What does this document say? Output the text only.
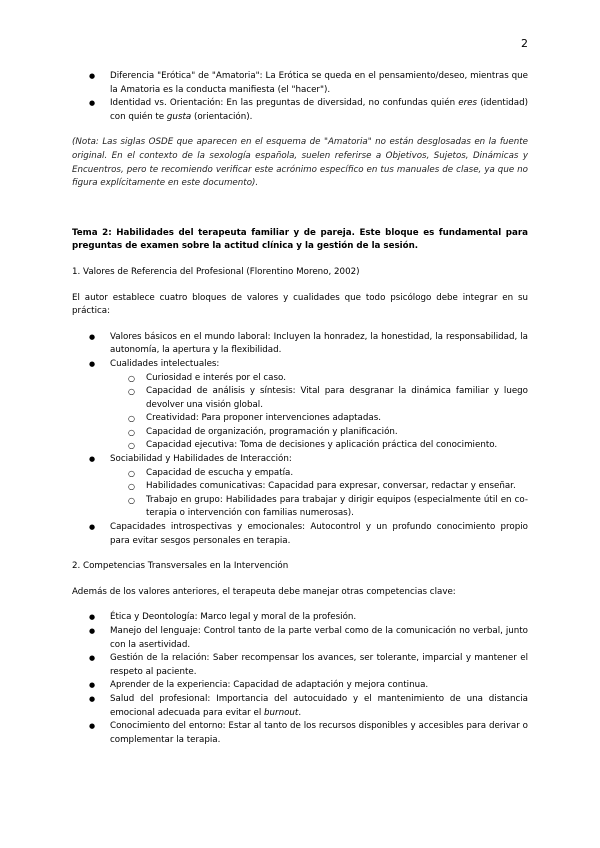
2
● Diferencia "Erótica" de "Amatoria": La Erótica se queda en el pensamiento/deseo, mientras que la Amatoria es la conducta manifiesta (el "hacer").
● Identidad vs. Orientación: En las preguntas de diversidad, no confundas quién eres (identidad) con quién te gusta (orientación).

(Nota: Las siglas OSDE que aparecen en el esquema de "Amatoria" no están desglosadas en la fuente original. En el contexto de la sexología española, suelen referirse a Objetivos, Sujetos, Dinámicas y Encuentros, pero te recomiendo verificar este acrónimo específico en tus manuales de clase, ya que no figura explícitamente en este documento).

Tema 2: Habilidades del terapeuta familiar y de pareja. Este bloque es fundamental para preguntas de examen sobre la actitud clínica y la gestión de la sesión.

1. Valores de Referencia del Profesional (Florentino Moreno, 2002)

El autor establece cuatro bloques de valores y cualidades que todo psicólogo debe integrar en su práctica:

● Valores básicos en el mundo laboral: Incluyen la honradez, la honestidad, la responsabilidad, la autonomía, la apertura y la flexibilidad.
● Cualidades intelectuales:
○ Curiosidad e interés por el caso.
○ Capacidad de análisis y síntesis: Vital para desgranar la dinámica familiar y luego devolver una visión global.
○ Creatividad: Para proponer intervenciones adaptadas.
○ Capacidad de organización, programación y planificación.
○ Capacidad ejecutiva: Toma de decisiones y aplicación práctica del conocimiento.
● Sociabilidad y Habilidades de Interacción:
○ Capacidad de escucha y empatía.
○ Habilidades comunicativas: Capacidad para expresar, conversar, redactar y enseñar.
○ Trabajo en grupo: Habilidades para trabajar y dirigir equipos (especialmente útil en co-terapia o intervención con familias numerosas).
● Capacidades introspectivas y emocionales: Autocontrol y un profundo conocimiento propio para evitar sesgos personales en terapia.

2. Competencias Transversales en la Intervención

Además de los valores anteriores, el terapeuta debe manejar otras competencias clave:

● Ética y Deontología: Marco legal y moral de la profesión.
● Manejo del lenguaje: Control tanto de la parte verbal como de la comunicación no verbal, junto con la asertividad.
● Gestión de la relación: Saber recompensar los avances, ser tolerante, imparcial y mantener el respeto al paciente.
● Aprender de la experiencia: Capacidad de adaptación y mejora continua.
● Salud del profesional: Importancia del autocuidado y el mantenimiento de una distancia emocional adecuada para evitar el burnout.
● Conocimiento del entorno: Estar al tanto de los recursos disponibles y accesibles para derivar o complementar la terapia.
